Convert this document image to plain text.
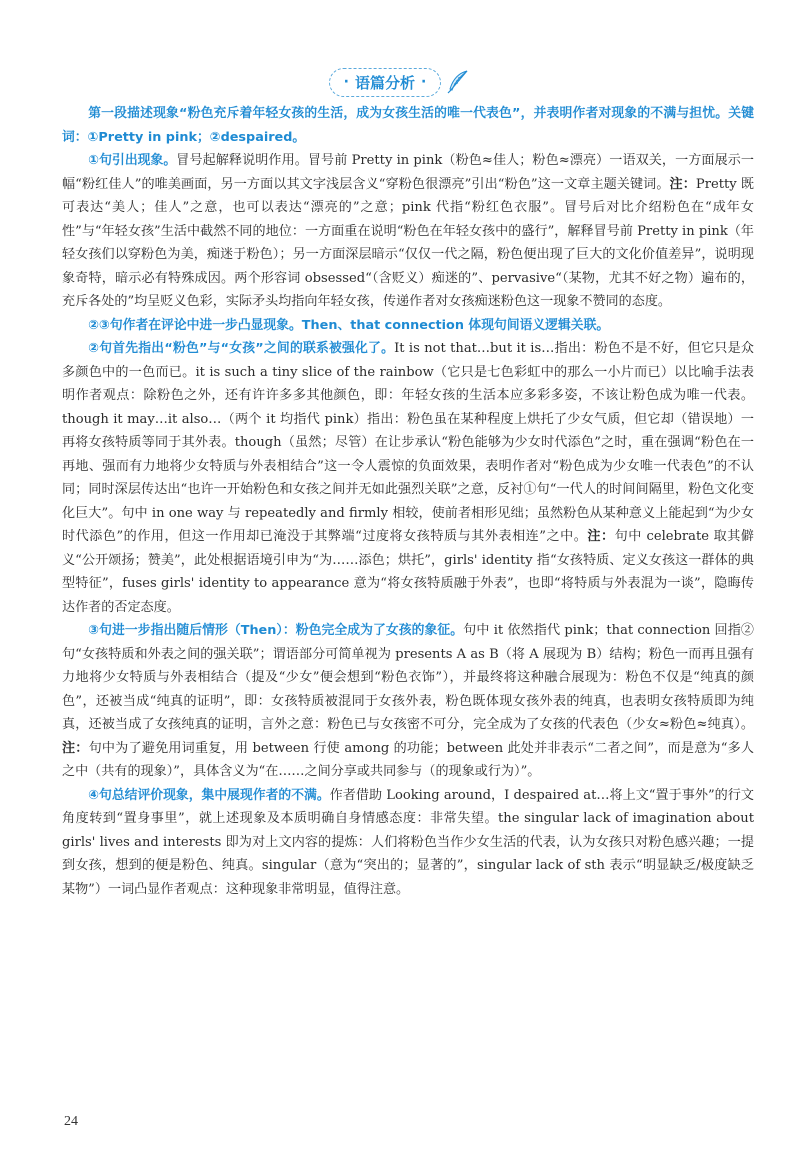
· 语篇分析 ·

第一段描述现象“粉色充斥着年轻女孩的生活，成为女孩生活的唯一代表色”，并表明作者对现象的不满与担忧。关键词：①Pretty in pink；②despaired。

①句引出现象。冒号起解释说明作用。冒号前 Pretty in pink（粉色≈佳人；粉色≈漂亮）一语双关，一方面展示一幅“粉红佳人”的唯美画面，另一方面以其文字浅层含义“穿粉色很漂亮”引出“粉色”这一文章主题关键词。注：Pretty 既可表达“美人；佳人”之意，也可以表达“漂亮的”之意；pink 代指“粉红色衣服”。冒号后对比介绍粉色在“成年女性”与“年轻女孩”生活中截然不同的地位：一方面重在说明“粉色在年轻女孩中的盛行”，解释冒号前 Pretty in pink（年轻女孩们以穿粉色为美，痴迷于粉色）；另一方面深层暗示“仅仅一代之隔，粉色便出现了巨大的文化价值差异”，说明现象奇特，暗示必有特殊成因。两个形容词 obsessed“（含贬义）痴迷的”、pervasive“（某物，尤其不好之物）遍布的，充斥各处的”均呈贬义色彩，实际矛头均指向年轻女孩，传递作者对女孩痴迷粉色这一现象不赞同的态度。

②③句作者在评论中进一步凸显现象。Then、that connection 体现句间语义逻辑关联。

②句首先指出“粉色”与“女孩”之间的联系被强化了。It is not that…but it is…指出：粉色不是不好，但它只是众多颜色中的一色而已。it is such a tiny slice of the rainbow（它只是七色彩虹中的那么一小片而已）以比喻手法表明作者观点：除粉色之外，还有许许多多其他颜色，即：年轻女孩的生活本应多彩多姿，不该让粉色成为唯一代表。though it may…it also…（两个 it 均指代 pink）指出：粉色虽在某种程度上烘托了少女气质，但它却（错误地）一再将女孩特质等同于其外表。though（虽然；尽管）在让步承认“粉色能够为少女时代添色”之时，重在强调“粉色在一再地、强而有力地将少女特质与外表相结合”这一令人震惊的负面效果，表明作者对“粉色成为少女唯一代表色”的不认同；同时深层传达出“也许一开始粉色和女孩之间并无如此强烈关联”之意，反衬①句“一代人的时间间隔里，粉色文化变化巨大”。句中 in one way 与 repeatedly and firmly 相较，使前者相形见绌；虽然粉色从某种意义上能起到“为少女时代添色”的作用，但这一作用却已淹没于其弊端“过度将女孩特质与其外表相连”之中。注：句中 celebrate 取其僻义“公开颂扬；赞美”，此处根据语境引申为“为……添色；烘托”，girls' identity 指“女孩特质、定义女孩这一群体的典型特征”，fuses girls' identity to appearance 意为“将女孩特质融于外表”，也即“将特质与外表混为一谈”，隐晦传达作者的否定态度。

③句进一步指出随后情形（Then）：粉色完全成为了女孩的象征。句中 it 依然指代 pink；that connection 回指②句“女孩特质和外表之间的强关联”；谓语部分可简单视为 presents A as B（将 A 展现为 B）结构；粉色一而再且强有力地将少女特质与外表相结合（提及“少女”便会想到“粉色衣饰”），并最终将这种融合展现为：粉色不仅是“纯真的颜色”，还被当成“纯真的证明”，即：女孩特质被混同于女孩外表，粉色既体现女孩外表的纯真，也表明女孩特质即为纯真，还被当成了女孩纯真的证明，言外之意：粉色已与女孩密不可分，完全成为了女孩的代表色（少女≈粉色≈纯真）。注：句中为了避免用词重复，用 between 行使 among 的功能；between 此处并非表示“二者之间”，而是意为“多人之中（共有的现象）”，具体含义为“在……之间分享或共同参与（的现象或行为）”。

④句总结评价现象，集中展现作者的不满。作者借助 Looking around，I despaired at…将上文“置于事外”的行文角度转到“置身事里”，就上述现象及本质明确自身情感态度：非常失望。the singular lack of imagination about girls' lives and interests 即为对上文内容的提炼：人们将粉色当作少女生活的代表，认为女孩只对粉色感兴趣；一提到女孩，想到的便是粉色、纯真。singular（意为“突出的；显著的”，singular lack of sth 表示“明显缺乏/极度缺乏某物”）一词凸显作者观点：这种现象非常明显，值得注意。

24
